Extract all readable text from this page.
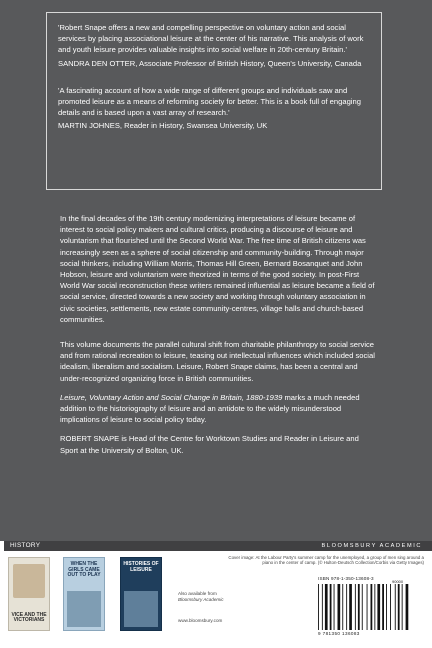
'Robert Snape offers a new and compelling perspective on voluntary action and social services by placing associational leisure at the center of his narrative. This analysis of work and youth leisure provides valuable insights into social welfare in 20th-century Britain.'

SANDRA DEN OTTER, Associate Professor of British History, Queen's University, Canada

'A fascinating account of how a wide range of different groups and individuals saw and promoted leisure as a means of reforming society for better. This is a book full of engaging details and is based upon a vast array of research.'

MARTIN JOHNES, Reader in History, Swansea University, UK

In the final decades of the 19th century modernizing interpretations of leisure became of interest to social policy makers and cultural critics, producing a discourse of leisure and voluntarism that flourished until the Second World War. The free time of British citizens was increasingly seen as a sphere of social citizenship and community-building. Through major social thinkers, including William Morris, Thomas Hill Green, Bernard Bosanquet and John Hobson, leisure and voluntarism were theorized in terms of the good society. In post-First World War social reconstruction these writers remained influential as leisure became a field of social service, directed towards a new society and working through voluntary association in civic societies, settlements, new estate community-centres, village halls and church-based communities.

This volume documents the parallel cultural shift from charitable philanthropy to social service and from rational recreation to leisure, teasing out intellectual influences which included social idealism, liberalism and socialism. Leisure, Robert Snape claims, has been a central and under-recognized organizing force in British communities.

Leisure, Voluntary Action and Social Change in Britain, 1880-1939 marks a much needed addition to the historiography of leisure and an antidote to the widely misunderstood implications of leisure to social policy today.

ROBERT SNAPE is Head of the Centre for Worktown Studies and Reader in Leisure and Sport at the University of Bolton, UK.

HISTORY	BLOOMSBURY ACADEMIC
VICE AND THE VICTORIANS
WHEN THE GIRLS CAME OUT TO PLAY
HISTORIES OF LEISURE
Also available from
Bloomsbury Academic
www.bloomsbury.com
Cover image: At the Labour Party's summer camp for the unemployed, a group of men sing around a piano in the center of camp. (© Hulton-Deutsch Collection/Corbis via Getty Images)
ISBN 978-1-350-13608-3
90000
9 781350 136083
